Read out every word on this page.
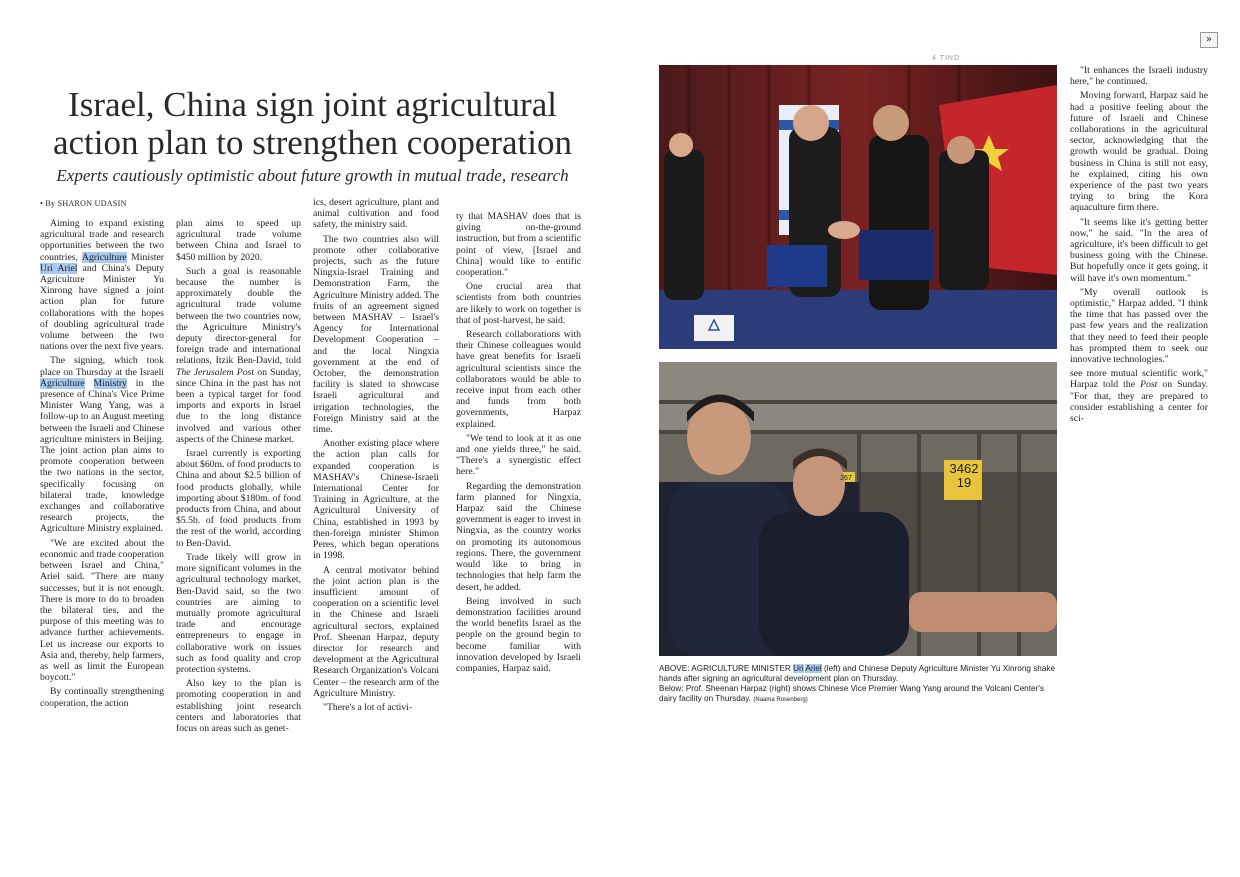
»
4 TIND
Israel, China sign joint agricultural
action plan to strengthen cooperation
Experts cautiously optimistic about future growth in mutual trade, research
• By SHARON UDASIN

Aiming to expand existing agricultural trade and research opportunities between the two countries, Agriculture Minister Uri Ariel and China's Deputy Agriculture Minister Yu Xinrong have signed a joint action plan for future collaborations with the hopes of doubling agricultural trade volume between the two nations over the next five years.

The signing, which took place on Thursday at the Israeli Agriculture Ministry in the presence of China's Vice Prime Minister Wang Yang, was a follow-up to an August meeting between the Israeli and Chinese agriculture ministers in Beijing. The joint action plan aims to promote cooperation between the two nations in the sector, specifically focusing on bilateral trade, knowledge exchanges and collaborative research projects, the Agriculture Ministry explained.

"We are excited about the economic and trade cooperation between Israel and China," Ariel said. "There are many successes, but it is not enough. There is more to do to broaden the bilateral ties, and the purpose of this meeting was to advance further achievements. Let us increase our exports to Asia and, thereby, help farmers, as well as limit the European boycott."

By continually strengthening cooperation, the action

plan aims to speed up agricultural trade volume between China and Israel to $450 million by 2020.

Such a goal is reasonable because the number is approximately double the agricultural trade volume between the two countries now, the Agriculture Ministry's deputy director-general for foreign trade and international relations, Itzik Ben-David, told The Jerusalem Post on Sunday, since China in the past has not been a typical target for food imports and exports in Israel due to the long distance involved and various other aspects of the Chinese market.

Israel currently is exporting about $60m. of food products to China and about $2.5 billion of food products globally, while importing about $180m. of food products from China, and about $5.5b. of food products from the rest of the world, according to Ben-David.

Trade likely will grow in more significant volumes in the agricultural technology market, Ben-David said, so the two countries are aiming to mutually promote agricultural trade and encourage entrepreneurs to engage in collaborative work on issues such as food quality and crop protection systems.

Also key to the plan is promoting cooperation in and establishing joint research centers and laboratories that focus on areas such as genet-

ics, desert agriculture, plant and animal cultivation and food safety, the ministry said.

The two countries also will promote other collaborative projects, such as the future Ningxia-Israel Training and Demonstration Farm, the Agriculture Ministry added. The fruits of an agreement signed between MASHAV – Israel's Agency for International Development Cooperation – and the local Ningxia government at the end of October, the demonstration facility is slated to showcase Israeli agricultural and irrigation technologies, the Foreign Ministry said at the time.

Another existing place where the action plan calls for expanded cooperation is MASHAV's Chinese-Israeli International Center for Training in Agriculture, at the Agricultural University of China, established in 1993 by then-foreign minister Shimon Peres, which began operations in 1998.

A central motivator behind the joint action plan is the insufficient amount of cooperation on a scientific level in the Chinese and Israeli agricultural sectors, explained Prof. Sheenan Harpaz, deputy director for research and development at the Agricultural Research Organization's Volcani Center – the research arm of the Agriculture Ministry.

"There's a lot of activi-

ty that MASHAV does that is giving on-the-ground instruction, but from a scientific point of view, [Israel and China] would like to entific cooperation."

One crucial area that scientists from both countries are likely to work on together is that of post-harvest, he said.

Research collaborations with their Chinese colleagues would have great benefits for Israeli agricultural scientists since the collaborators would be able to receive input from each other and funds from both governments, Harpaz explained.

"We tend to look at it as one and one yields three," he said. "There's a synergistic effect here."

Regarding the demonstration farm planned for Ningxia, Harpaz said the Chinese government is eager to invest in Ningxia, as the country works on promoting its autonomous regions. There, the government would like to bring in technologies that help farm the desert, he added.

Being involved in such demonstration facilities around the world benefits Israel as the people on the ground begin to become familiar with innovation developed by Israeli companies, Harpaz said.

3462
19
267
ABOVE: AGRICULTURE MINISTER Uri Ariel (left) and Chinese Deputy Agriculture Minister Yu Xinrong shake hands after signing an agricultural development plan on Thursday.
Below: Prof. Sheenan Harpaz (right) shows Chinese Vice Premier Wang Yang around the Volcani Center's dairy facility on Thursday. (Naama Rosenberg)

"It enhances the Israeli industry here," he continued.

Moving forward, Harpaz said he had a positive feeling about the future of Israeli and Chinese collaborations in the agricultural sector, acknowledging that the growth would be gradual. Doing business in China is still not easy, he explained, citing his own experience of the past two years trying to bring the Kora aquaculture firm there.

"It seems like it's getting better now," he said. "In the area of agriculture, it's been difficult to get business going with the Chinese. But hopefully once it gets going, it will have it's own momentum."

"My overall outlook is optimistic," Harpaz added. "I think the time that has passed over the past few years and the realization that they need to feed their people has prompted them to seek our innovative technologies."

see more mutual scientific work," Harpaz told the Post on Sunday. "For that, they are prepared to consider establishing a center for sci-
